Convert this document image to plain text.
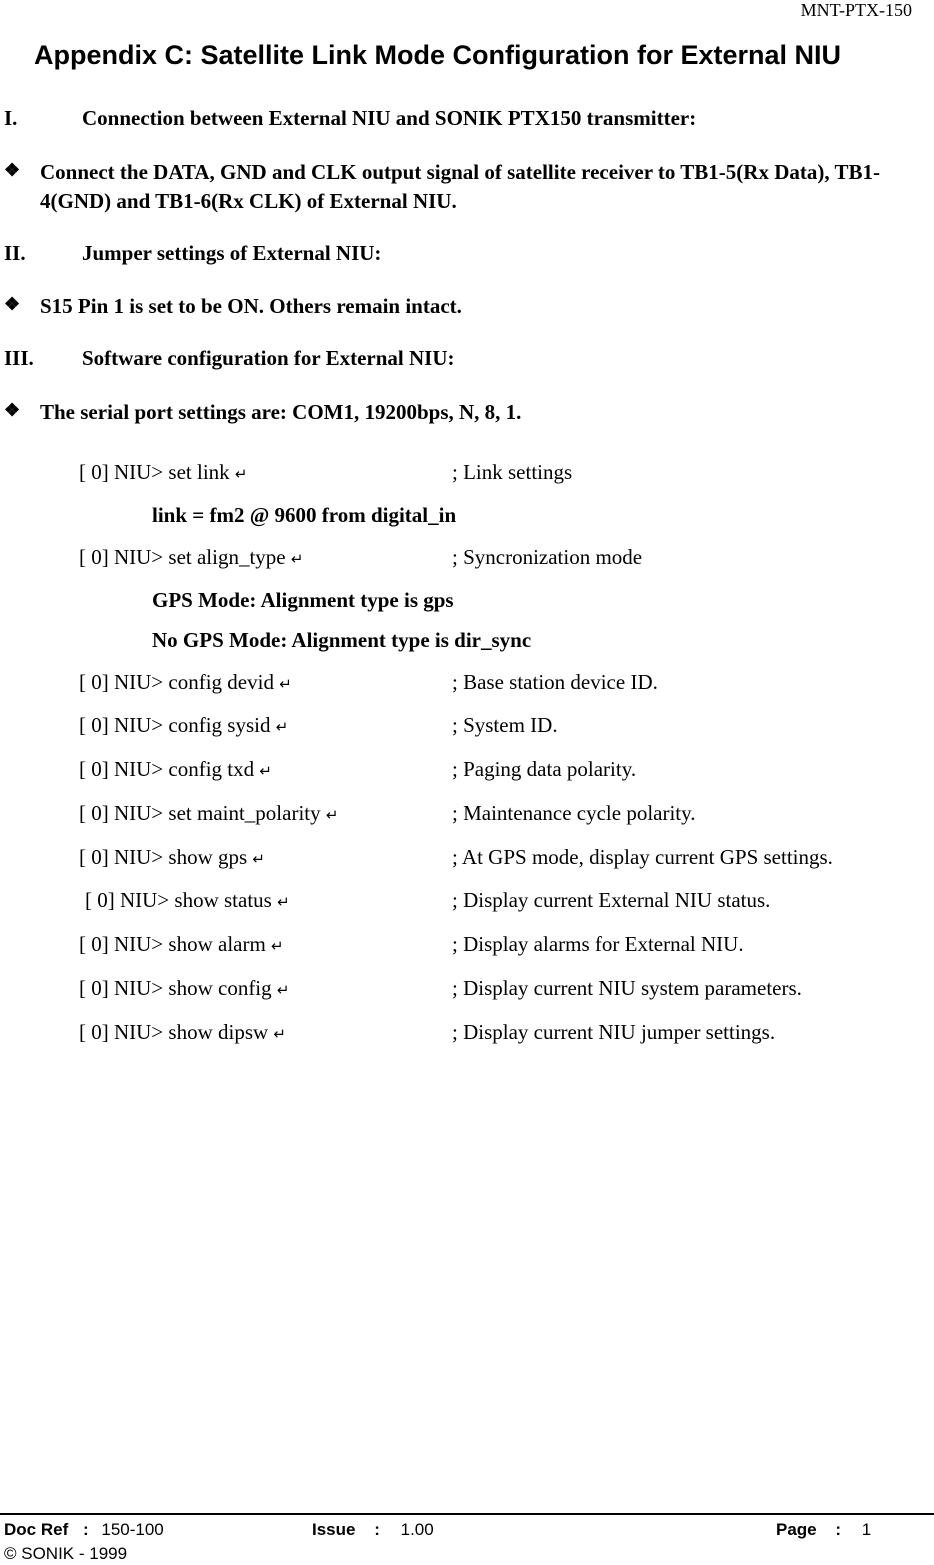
MNT-PTX-150
Appendix C: Satellite Link Mode Configuration for External NIU
I.	Connection between External NIU and SONIK PTX150 transmitter:
❖ Connect the DATA, GND and CLK output signal of satellite receiver to TB1-5(Rx Data), TB1-4(GND) and TB1-6(Rx CLK) of External NIU.
II.	Jumper settings of External NIU:
❖ S15 Pin 1 is set to be ON. Others remain intact.
III. Software configuration for External NIU:
❖ The serial port settings are: COM1, 19200bps, N, 8, 1.
[ 0] NIU> set link ↵	; Link settings
link = fm2 @ 9600 from digital_in
[ 0] NIU> set align_type ↵	; Syncronization mode
GPS Mode: Alignment type is gps
No GPS Mode: Alignment type is dir_sync
[ 0] NIU> config devid ↵	; Base station device ID.
[ 0] NIU> config sysid ↵	; System ID.
[ 0] NIU> config txd ↵	; Paging data polarity.
[ 0] NIU> set maint_polarity ↵	; Maintenance cycle polarity.
[ 0] NIU> show gps ↵	; At GPS mode, display current GPS settings.
[ 0] NIU> show status ↵	; Display current External NIU status.
[ 0] NIU> show alarm ↵	; Display alarms for External NIU.
[ 0] NIU> show config ↵	; Display current NIU system parameters.
[ 0] NIU> show dipsw ↵	; Display current NIU jumper settings.
Doc Ref : 150-100	Issue : 1.00	Page : 1
© SONIK - 1999
